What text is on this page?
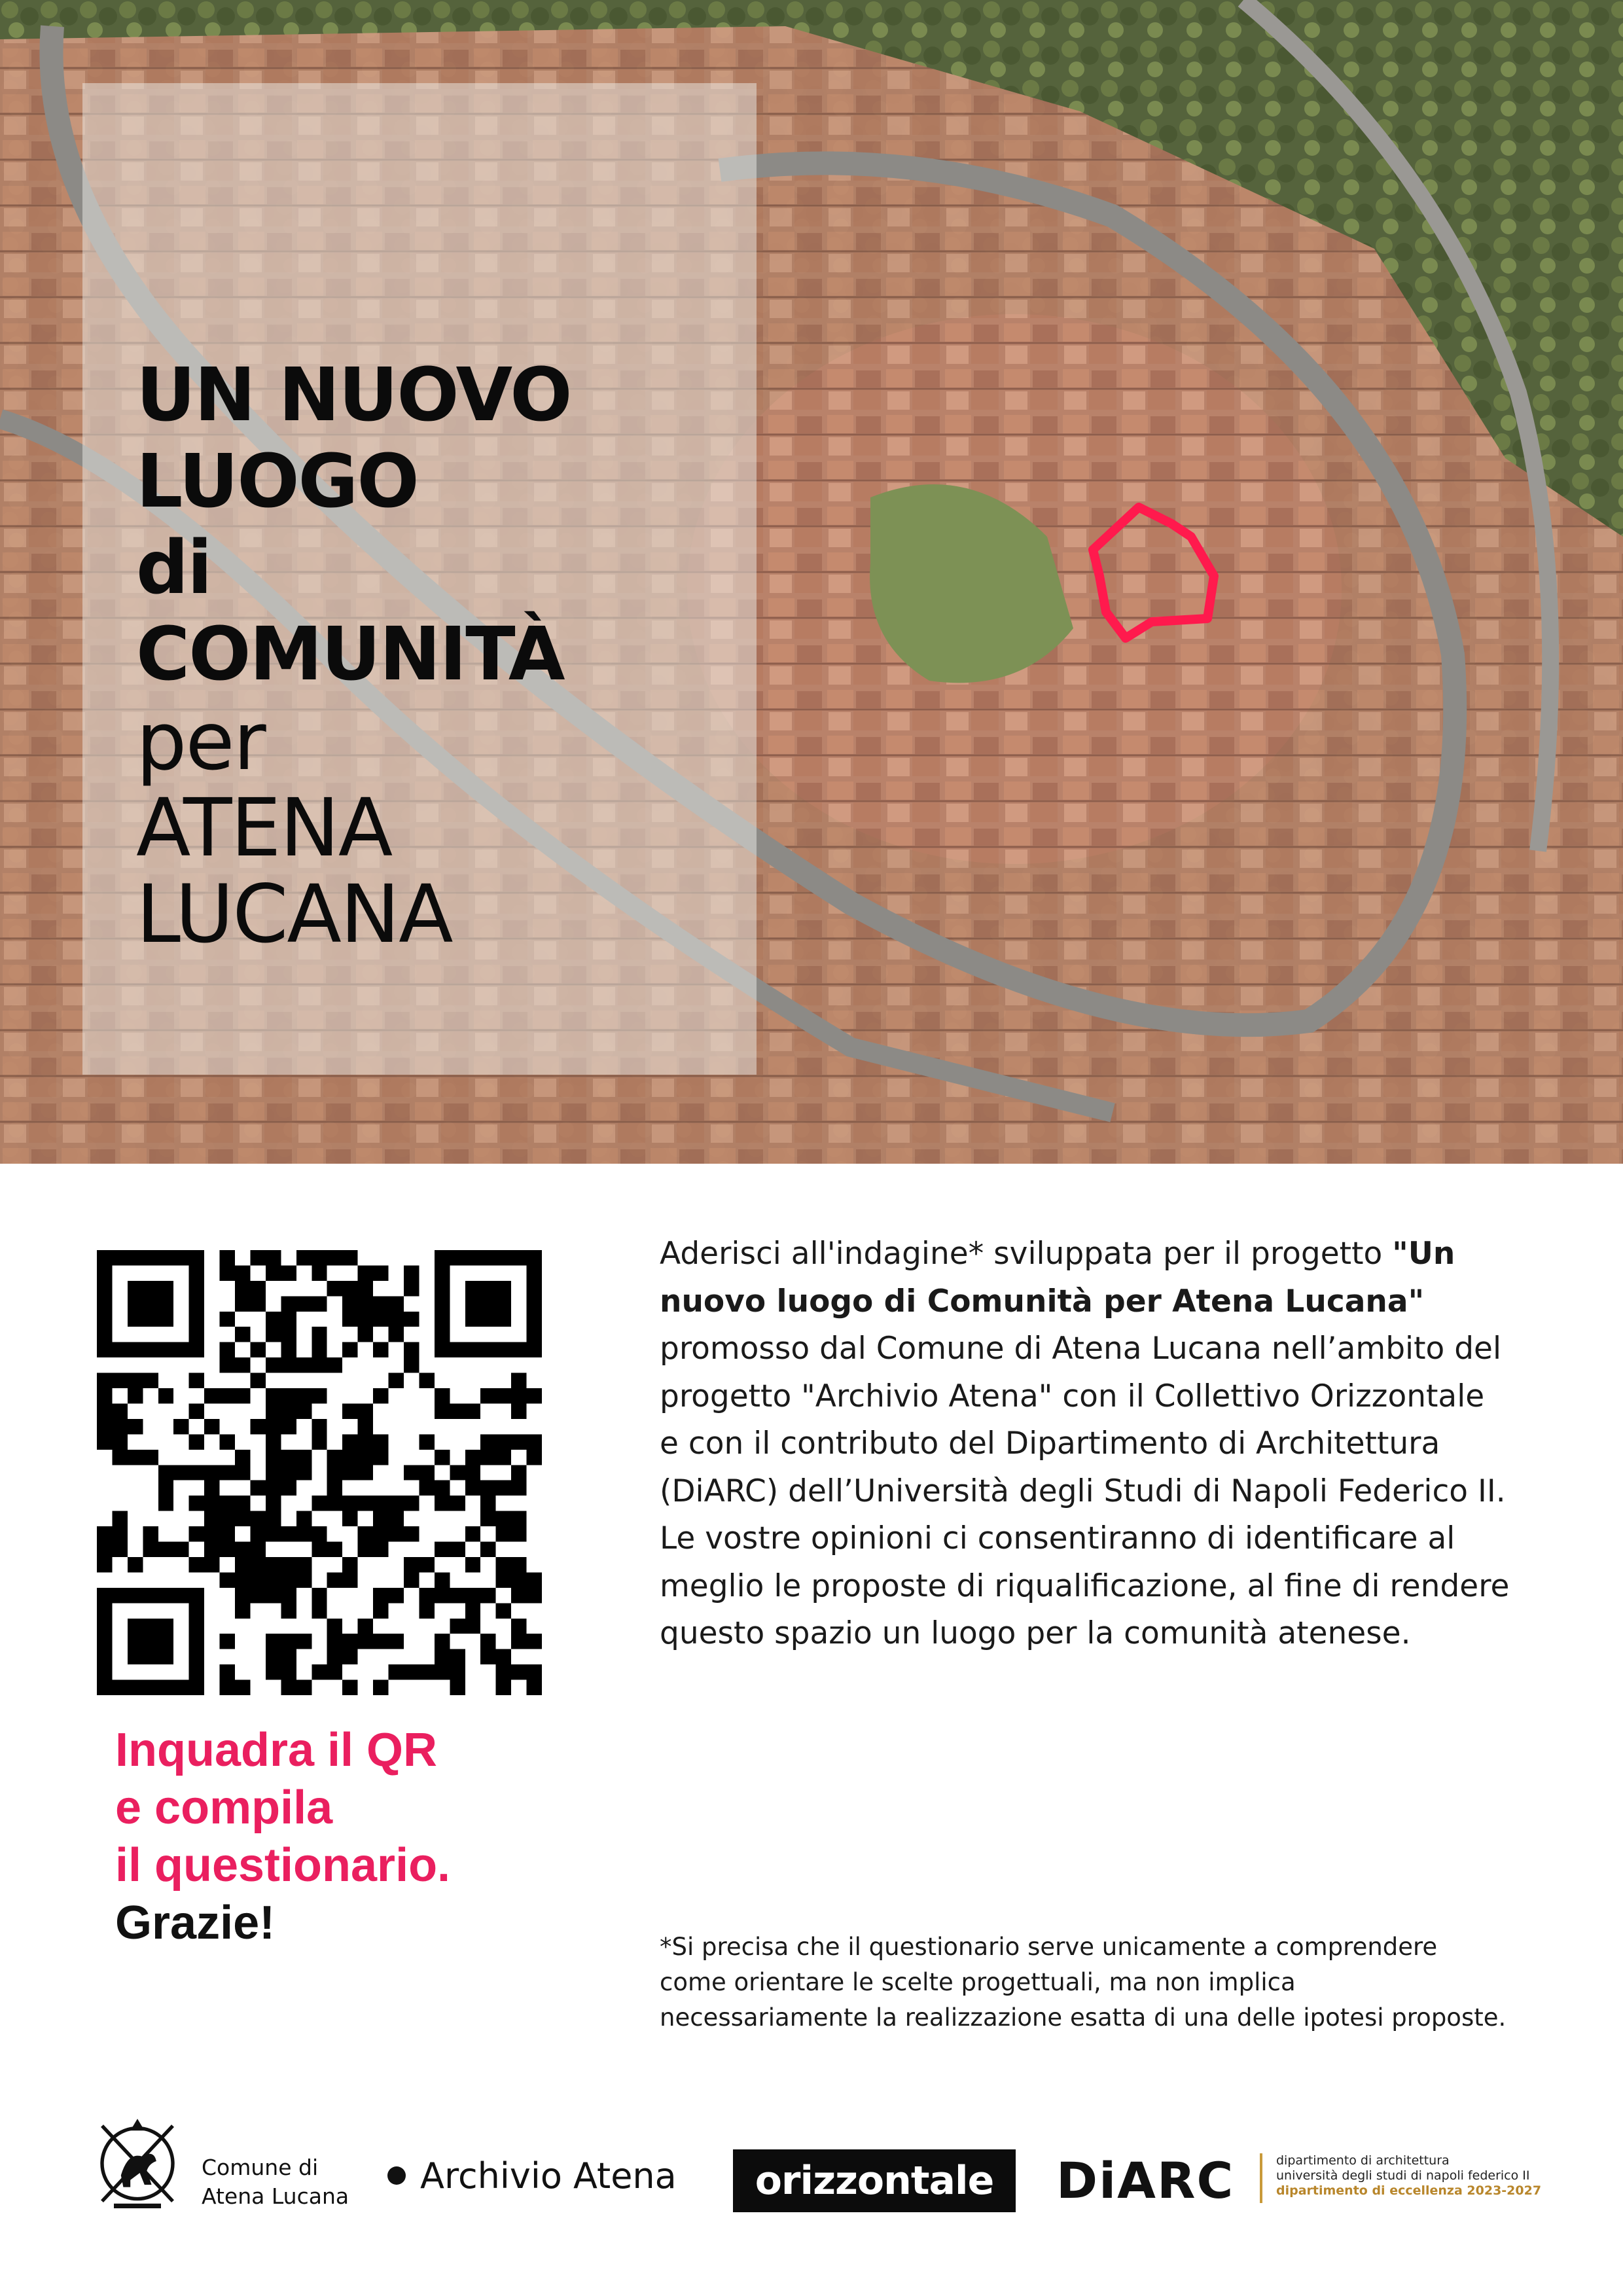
UN NUOVO
LUOGO
di
COMUNITÀ
per
ATENA
LUCANA
Inquadra il QR
e compila
il questionario.
Grazie!

Aderisci all'indagine* sviluppata per il progetto "Un nuovo luogo di Comunità per Atena Lucana" promosso dal Comune di Atena Lucana nell’ambito del progetto "Archivio Atena" con il Collettivo Orizzontale e con il contributo del Dipartimento di Architettura (DiARC) dell’Università degli Studi di Napoli Federico II.

Le vostre opinioni ci consentiranno di identificare al meglio le proposte di riqualificazione, al fine di rendere questo spazio un luogo per la comunità atenese.

*Si precisa che il questionario serve unicamente a comprendere come orientare le scelte progettuali, ma non implica necessariamente la realizzazione esatta di una delle ipotesi proposte.

Comune di
Atena Lucana Archivio Atena orizzontale DiARC	dipartimento di architettura
università degli studi di napoli federico II
dipartimento di eccellenza 2023-2027
